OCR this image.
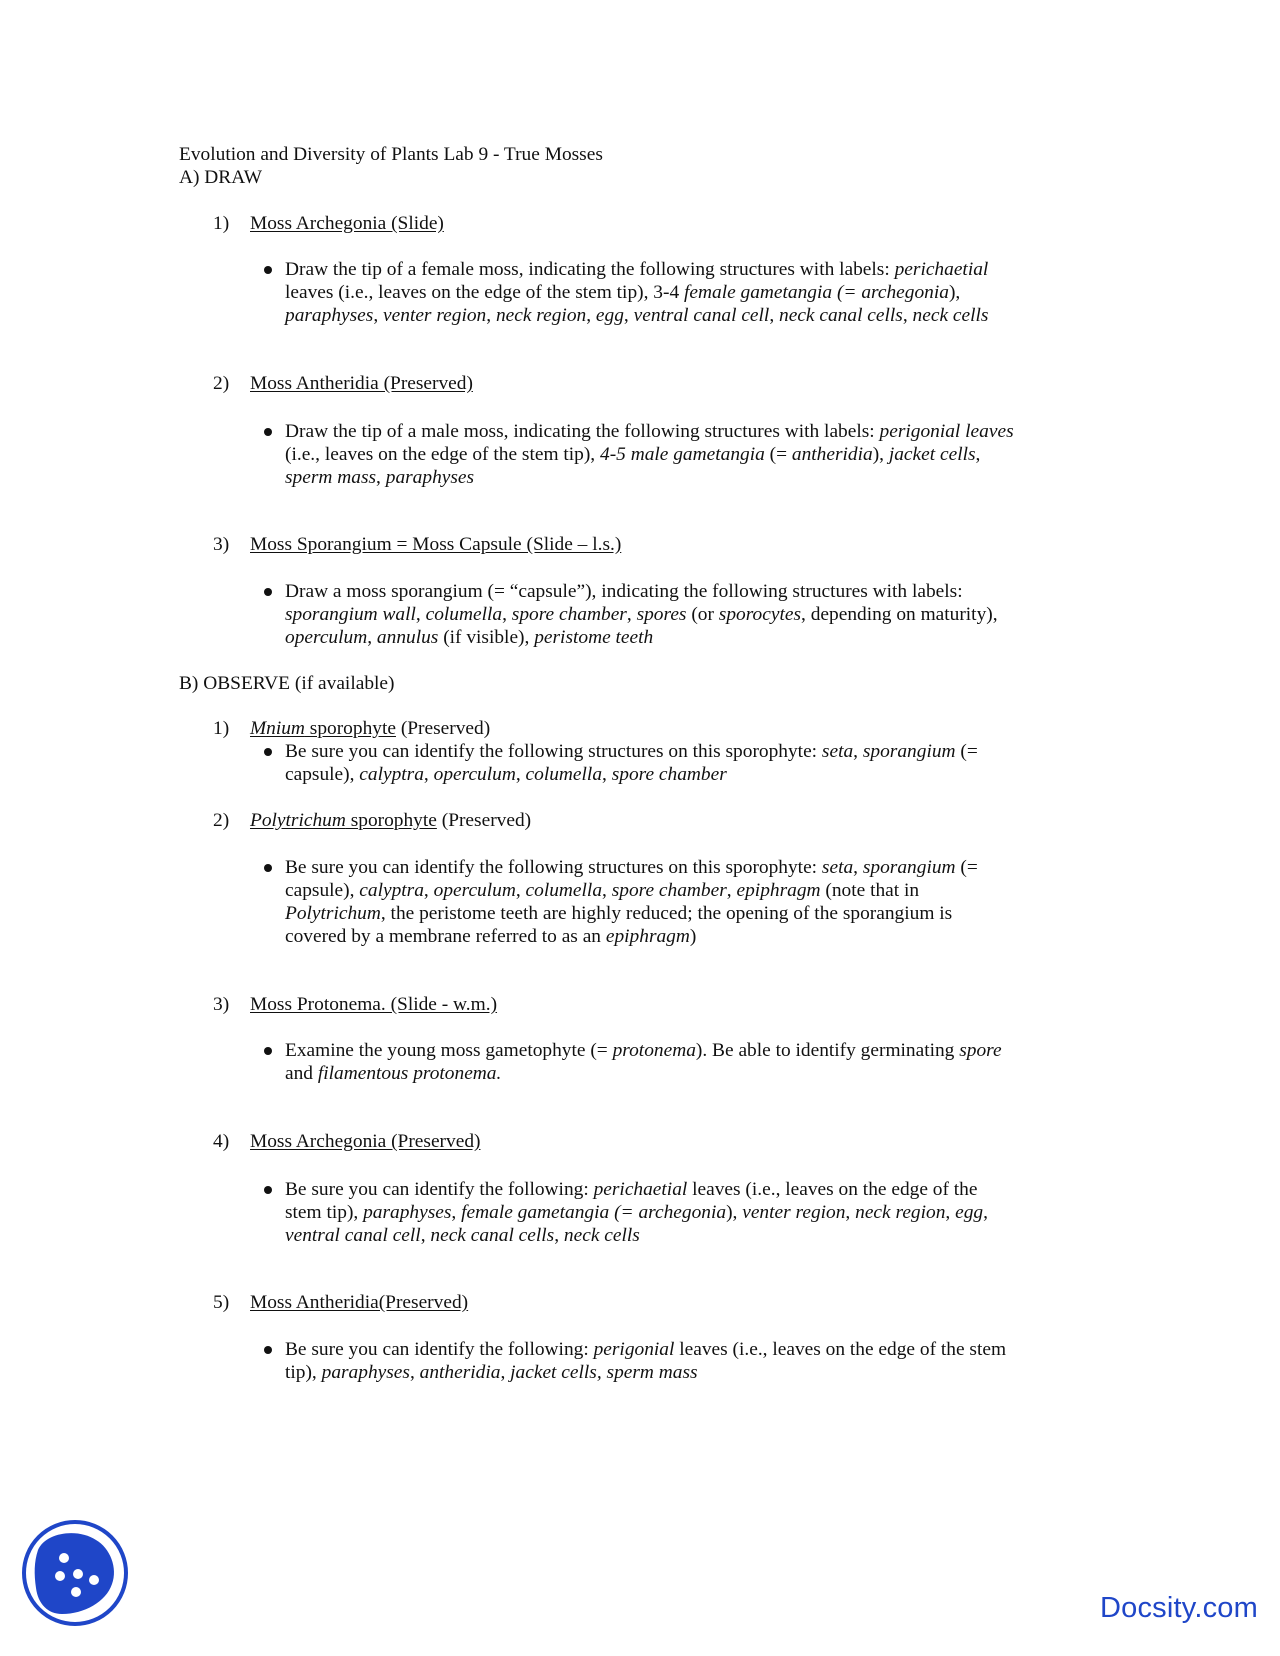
Evolution and Diversity of Plants Lab 9 - True Mosses
A) DRAW
1) Moss Archegonia (Slide)
Draw the tip of a female moss, indicating the following structures with labels: perichaetial
leaves (i.e., leaves on the edge of the stem tip), 3-4 female gametangia (= archegonia),
paraphyses, venter region, neck region, egg, ventral canal cell, neck canal cells, neck cells
2) Moss Antheridia (Preserved)
Draw the tip of a male moss, indicating the following structures with labels: perigonial leaves
(i.e., leaves on the edge of the stem tip), 4-5 male gametangia (= antheridia), jacket cells,
sperm mass, paraphyses
3) Moss Sporangium = Moss Capsule (Slide – l.s.)
Draw a moss sporangium (= “capsule”), indicating the following structures with labels:
sporangium wall, columella, spore chamber, spores (or sporocytes, depending on maturity),
operculum, annulus (if visible), peristome teeth
B) OBSERVE (if available)
1) Mnium sporophyte (Preserved)
Be sure you can identify the following structures on this sporophyte: seta, sporangium (=
capsule), calyptra, operculum, columella, spore chamber
2) Polytrichum sporophyte (Preserved)
Be sure you can identify the following structures on this sporophyte: seta, sporangium (=
capsule), calyptra, operculum, columella, spore chamber, epiphragm (note that in
Polytrichum, the peristome teeth are highly reduced; the opening of the sporangium is
covered by a membrane referred to as an epiphragm)
3) Moss Protonema. (Slide - w.m.)
Examine the young moss gametophyte (= protonema). Be able to identify germinating spore
and filamentous protonema.
4) Moss Archegonia (Preserved)
Be sure you can identify the following: perichaetial leaves (i.e., leaves on the edge of the
stem tip), paraphyses, female gametangia (= archegonia), venter region, neck region, egg,
ventral canal cell, neck canal cells, neck cells
5) Moss Antheridia(Preserved)
Be sure you can identify the following: perigonial leaves (i.e., leaves on the edge of the stem
tip), paraphyses, antheridia, jacket cells, sperm mass
Docsity.com
